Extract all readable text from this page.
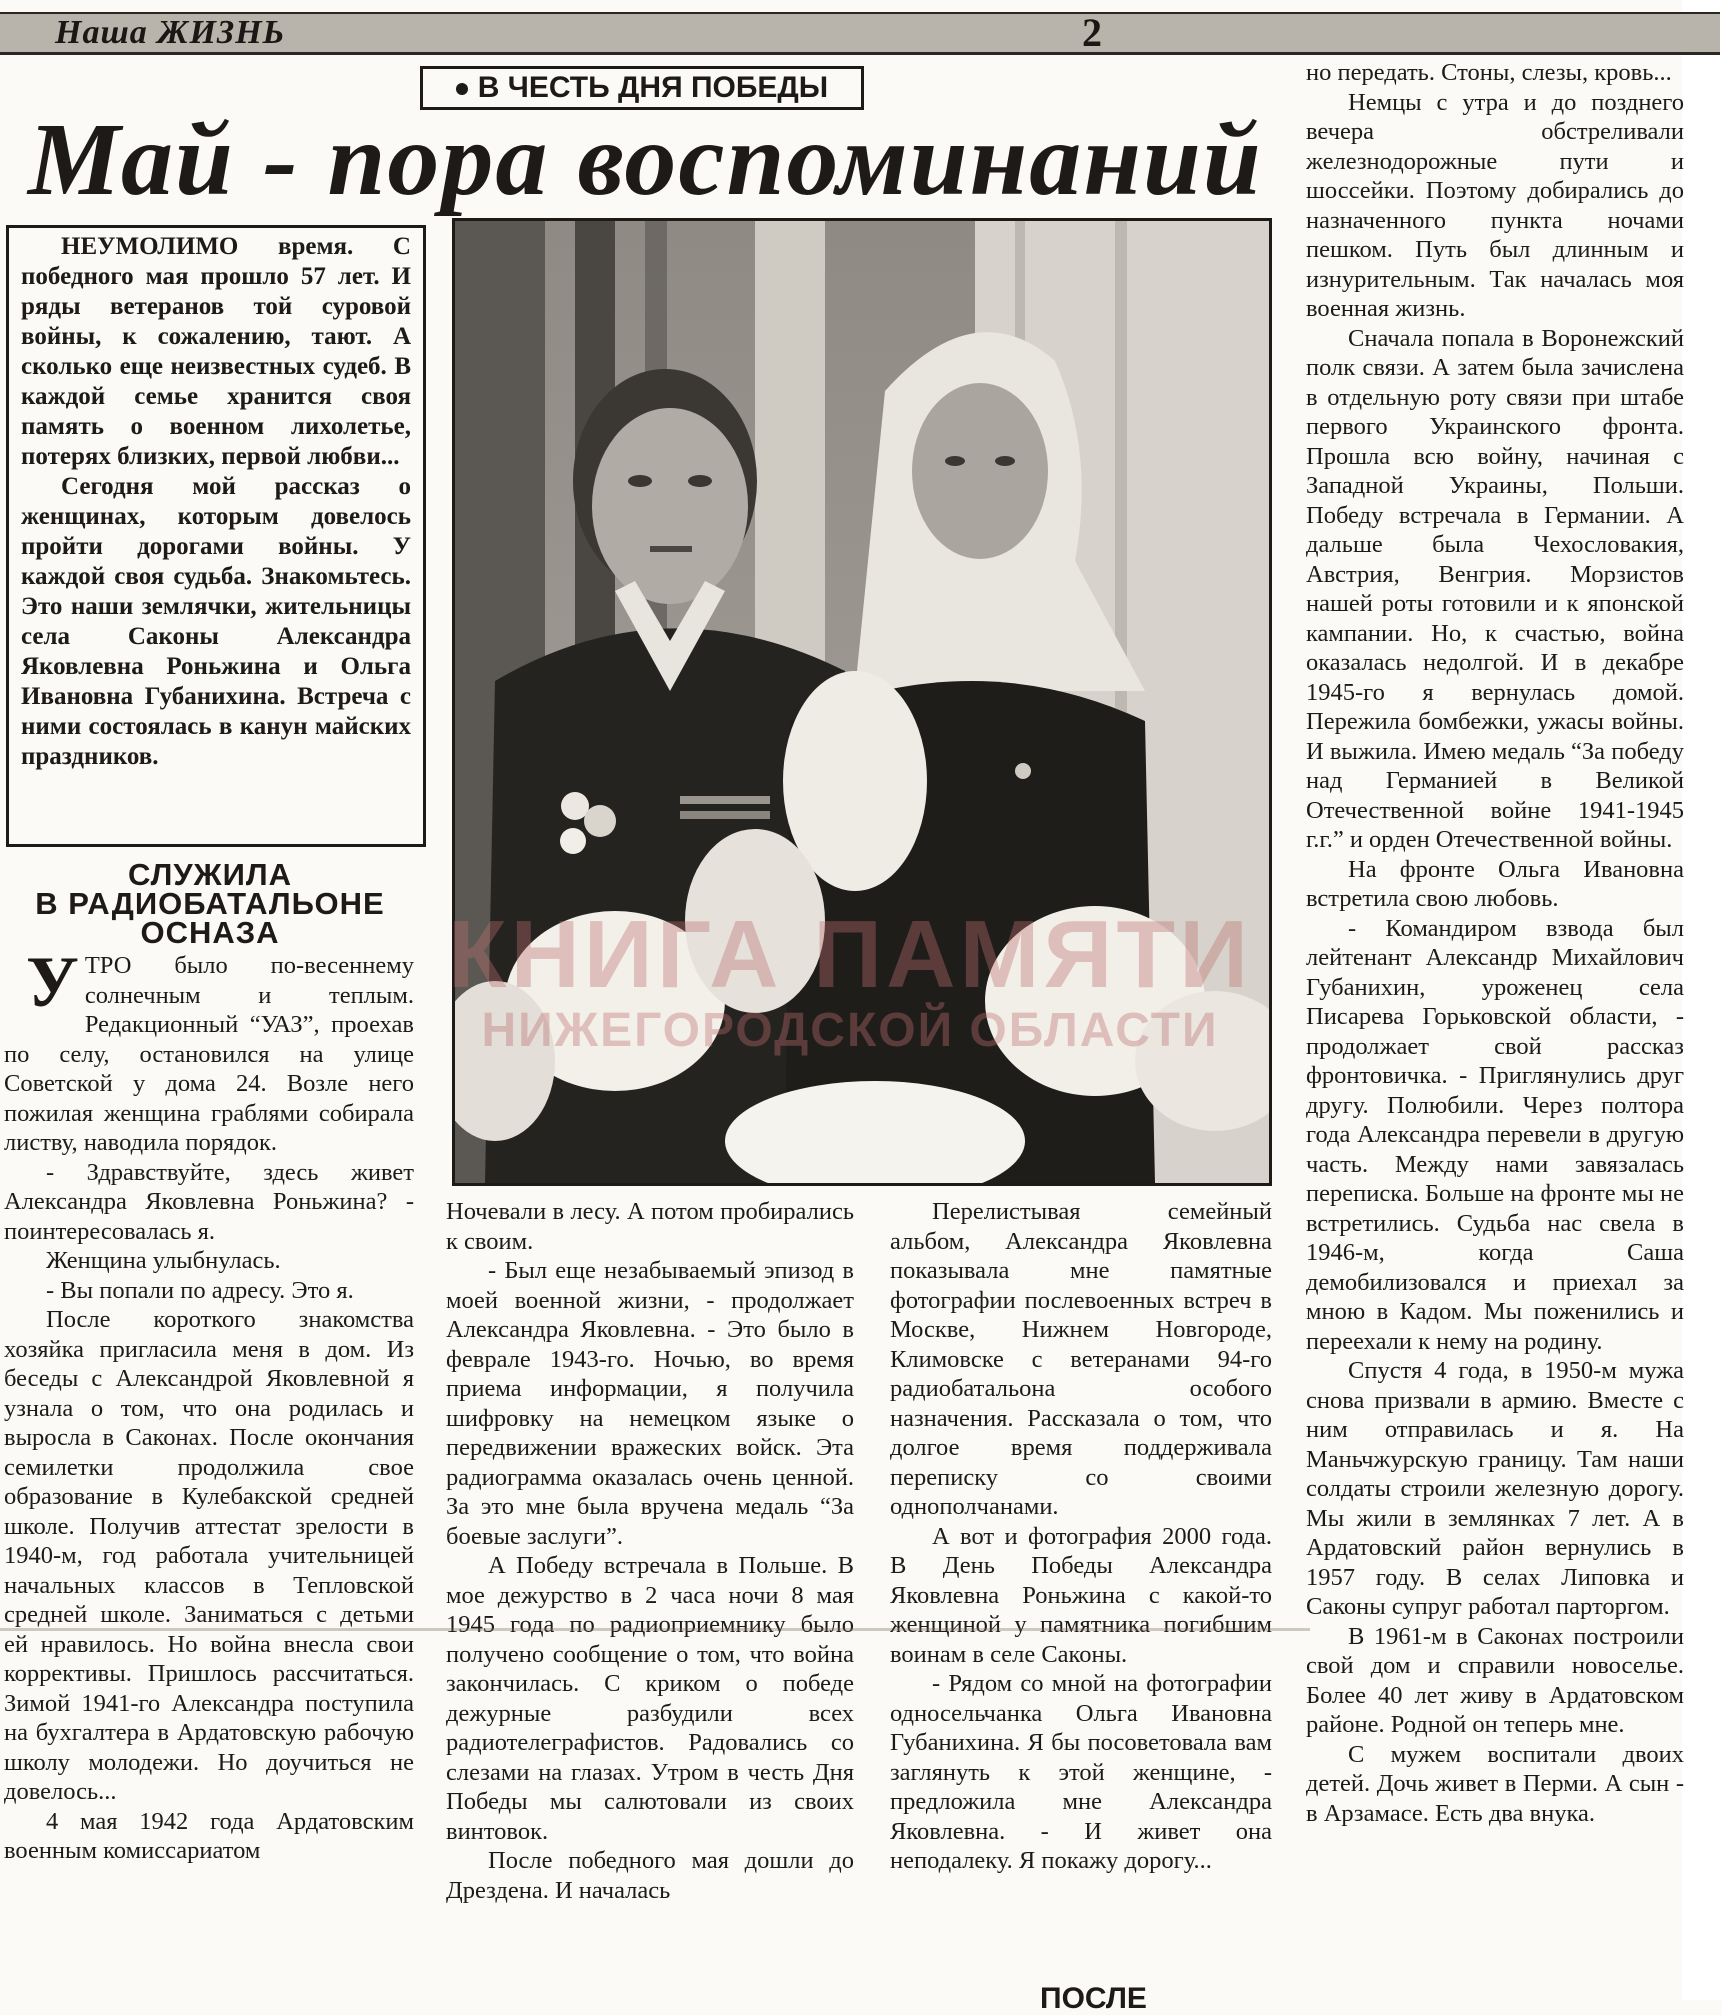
Наша ЖИЗНЬ	2
В ЧЕСТЬ ДНЯ ПОБЕДЫ
Май - пора воспоминаний

НЕУМОЛИМО время. С победного мая прошло 57 лет. И ряды ветеранов той суровой войны, к сожалению, тают. А сколько еще неизвестных судеб. В каждой семье хранится своя память о военном лихолетье, потерях близких, первой любви...

Сегодня мой рассказ о женщинах, которым довелось пройти дорогами войны. У каждой своя судьба. Знакомьтесь. Это наши землячки, жительницы села Саконы Александра Яковлевна Роньжина и Ольга Ивановна Губанихина. Встреча с ними состоялась в канун майских праздников.

КНИГА ПАМЯТИ
НИЖЕГОРОДСКОЙ ОБЛАСТИ
СЛУЖИЛА
В РАДИОБАТАЛЬОНЕ
ОСНАЗА

УТРО было по-весеннему солнечным и теплым. Редакционный “УАЗ”, проехав по селу, остановился на улице Советской у дома 24. Возле него пожилая женщина граблями собирала листву, наводила порядок.

- Здравствуйте, здесь живет Александра Яковлевна Роньжина? - поинтересовалась я.

Женщина улыбнулась.

- Вы попали по адресу. Это я.

После короткого знакомства хозяйка пригласила меня в дом. Из беседы с Александрой Яковлевной я узнала о том, что она родилась и выросла в Саконах. После окончания семилетки продолжила свое образование в Кулебакской средней школе. Получив аттестат зрелости в 1940-м, год работала учительницей начальных классов в Тепловской средней школе. Заниматься с детьми ей нравилось. Но война внесла свои коррективы. Пришлось рассчитаться. Зимой 1941-го Александра поступила на бухгалтера в Ардатовскую рабочую школу молодежи. Но доучиться не довелось...

4 мая 1942 года Ардатовским военным комиссариатом

Ночевали в лесу. А потом пробирались к своим.

- Был еще незабываемый эпизод в моей военной жизни, - продолжает Александра Яковлевна. - Это было в феврале 1943-го. Ночью, во время приема информации, я получила шифровку на немецком языке о передвижении вражеских войск. Эта радиограмма оказалась очень ценной. За это мне была вручена медаль “За боевые заслуги”.

А Победу встречала в Польше. В мое дежурство в 2 часа ночи 8 мая 1945 года по радиоприемнику было получено сообщение о том, что война закончилась. С криком о победе дежурные разбудили всех радиотелеграфистов. Радовались со слезами на глазах. Утром в честь Дня Победы мы салютовали из своих винтовок.

После победного мая дошли до Дрездена. И началась

Перелистывая семейный альбом, Александра Яковлевна показывала мне памятные фотографии послевоенных встреч в Москве, Нижнем Новгороде, Климовске с ветеранами 94-го радиобатальона особого назначения. Рассказала о том, что долгое время поддерживала переписку со своими однополчанами.

А вот и фотография 2000 года. В День Победы Александра Яковлевна Роньжина с какой-то женщиной у памятника погибшим воинам в селе Саконы.

- Рядом со мной на фотографии односельчанка Ольга Ивановна Губанихина. Я бы посоветовала вам заглянуть к этой женщине, - предложила мне Александра Яковлевна. - И живет она неподалеку. Я покажу дорогу...

ПОСЛЕ

но передать. Стоны, слезы, кровь...

Немцы с утра и до позднего вечера обстреливали железнодорожные пути и шоссейки. Поэтому добирались до назначенного пункта ночами пешком. Путь был длинным и изнурительным. Так началась моя военная жизнь.

Сначала попала в Воронежский полк связи. А затем была зачислена в отдельную роту связи при штабе первого Украинского фронта. Прошла всю войну, начиная с Западной Украины, Польши. Победу встречала в Германии. А дальше была Чехословакия, Австрия, Венгрия. Морзистов нашей роты готовили и к японской кампании. Но, к счастью, война оказалась недолгой. И в декабре 1945-го я вернулась домой. Пережила бомбежки, ужасы войны. И выжила. Имею медаль “За победу над Германией в Великой Отечественной войне 1941-1945 г.г.” и орден Отечественной войны.

На фронте Ольга Ивановна встретила свою любовь.

- Командиром взвода был лейтенант Александр Михайлович Губанихин, уроженец села Писарева Горьковской области, - продолжает свой рассказ фронтовичка. - Приглянулись друг другу. Полюбили. Через полтора года Александра перевели в другую часть. Между нами завязалась переписка. Больше на фронте мы не встретились. Судьба нас свела в 1946-м, когда Саша демобилизовался и приехал за мною в Кадом. Мы поженились и переехали к нему на родину.

Спустя 4 года, в 1950-м мужа снова призвали в армию. Вместе с ним отправилась и я. На Маньчжурскую границу. Там наши солдаты строили железную дорогу. Мы жили в землянках 7 лет. А в Ардатовский район вернулись в 1957 году. В селах Липовка и Саконы супруг работал парторгом.

В 1961-м в Саконах построили свой дом и справили новоселье. Более 40 лет живу в Ардатовском районе. Родной он теперь мне.

С мужем воспитали двоих детей. Дочь живет в Перми. А сын - в Арзамасе. Есть два внука.
